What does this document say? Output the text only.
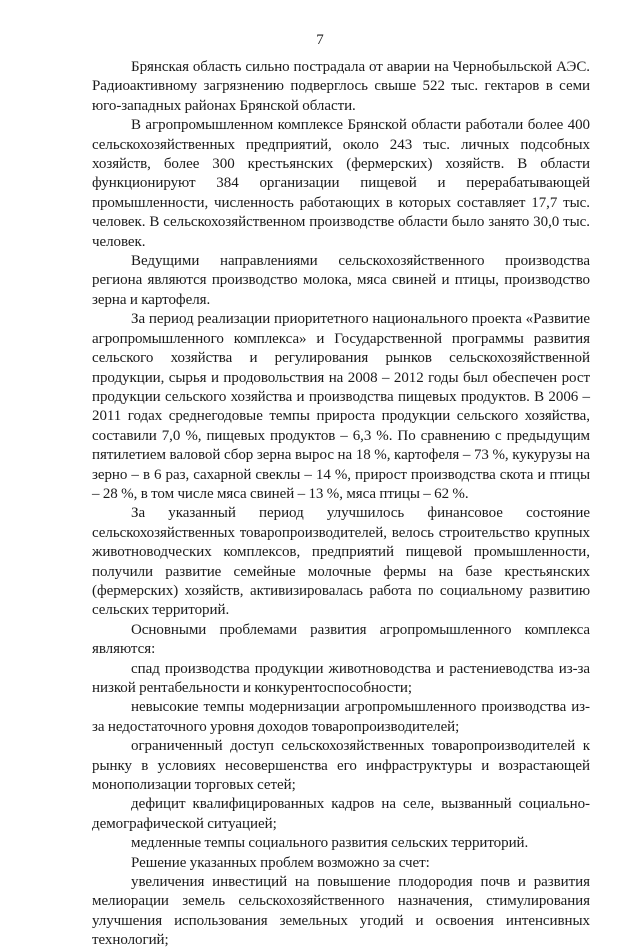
7

Брянская область сильно пострадала от аварии на Чернобыльской АЭС. Радиоактивному загрязнению подверглось свыше 522 тыс. гектаров в семи юго-западных районах Брянской области.

В агропромышленном комплексе Брянской области работали более 400 сельскохозяйственных предприятий, около 243 тыс. личных подсобных хозяйств, более 300 крестьянских (фермерских) хозяйств. В области функционируют 384 организации пищевой и перерабатывающей промышленности, численность работающих в которых составляет 17,7 тыс. человек. В сельскохозяйственном производстве области было занято 30,0 тыс. человек.

Ведущими направлениями сельскохозяйственного производства региона являются производство молока, мяса свиней и птицы, производство зерна и картофеля.

За период реализации приоритетного национального проекта «Развитие агропромышленного комплекса» и Государственной программы развития сельского хозяйства и регулирования рынков сельскохозяйственной продукции, сырья и продовольствия на 2008 – 2012 годы был обеспечен рост продукции сельского хозяйства и производства пищевых продуктов. В 2006 – 2011 годах среднегодовые темпы прироста продукции сельского хозяйства, составили 7,0 %, пищевых продуктов – 6,3 %. По сравнению с предыдущим пятилетием валовой сбор зерна вырос на 18 %, картофеля – 73 %, кукурузы на зерно – в 6 раз, сахарной свеклы – 14 %, прирост производства скота и птицы – 28 %, в том числе мяса свиней – 13 %, мяса птицы – 62 %.

За указанный период улучшилось финансовое состояние сельскохозяйственных товаропроизводителей, велось строительство крупных животноводческих комплексов, предприятий пищевой промышленности, получили развитие семейные молочные фермы на базе крестьянских (фермерских) хозяйств, активизировалась работа по социальному развитию сельских территорий.

Основными проблемами развития агропромышленного комплекса являются:

спад производства продукции животноводства и растениеводства из-за низкой рентабельности и конкурентоспособности;

невысокие темпы модернизации агропромышленного производства из-за недостаточного уровня доходов товаропроизводителей;

ограниченный доступ сельскохозяйственных товаропроизводителей к рынку в условиях несовершенства его инфраструктуры и возрастающей монополизации торговых сетей;

дефицит квалифицированных кадров на селе, вызванный социально-демографической ситуацией;

медленные темпы социального развития сельских территорий.

Решение указанных проблем возможно за счет:

увеличения инвестиций на повышение плодородия почв и развития мелиорации земель сельскохозяйственного назначения, стимулирования улучшения использования земельных угодий и освоения интенсивных технологий;
